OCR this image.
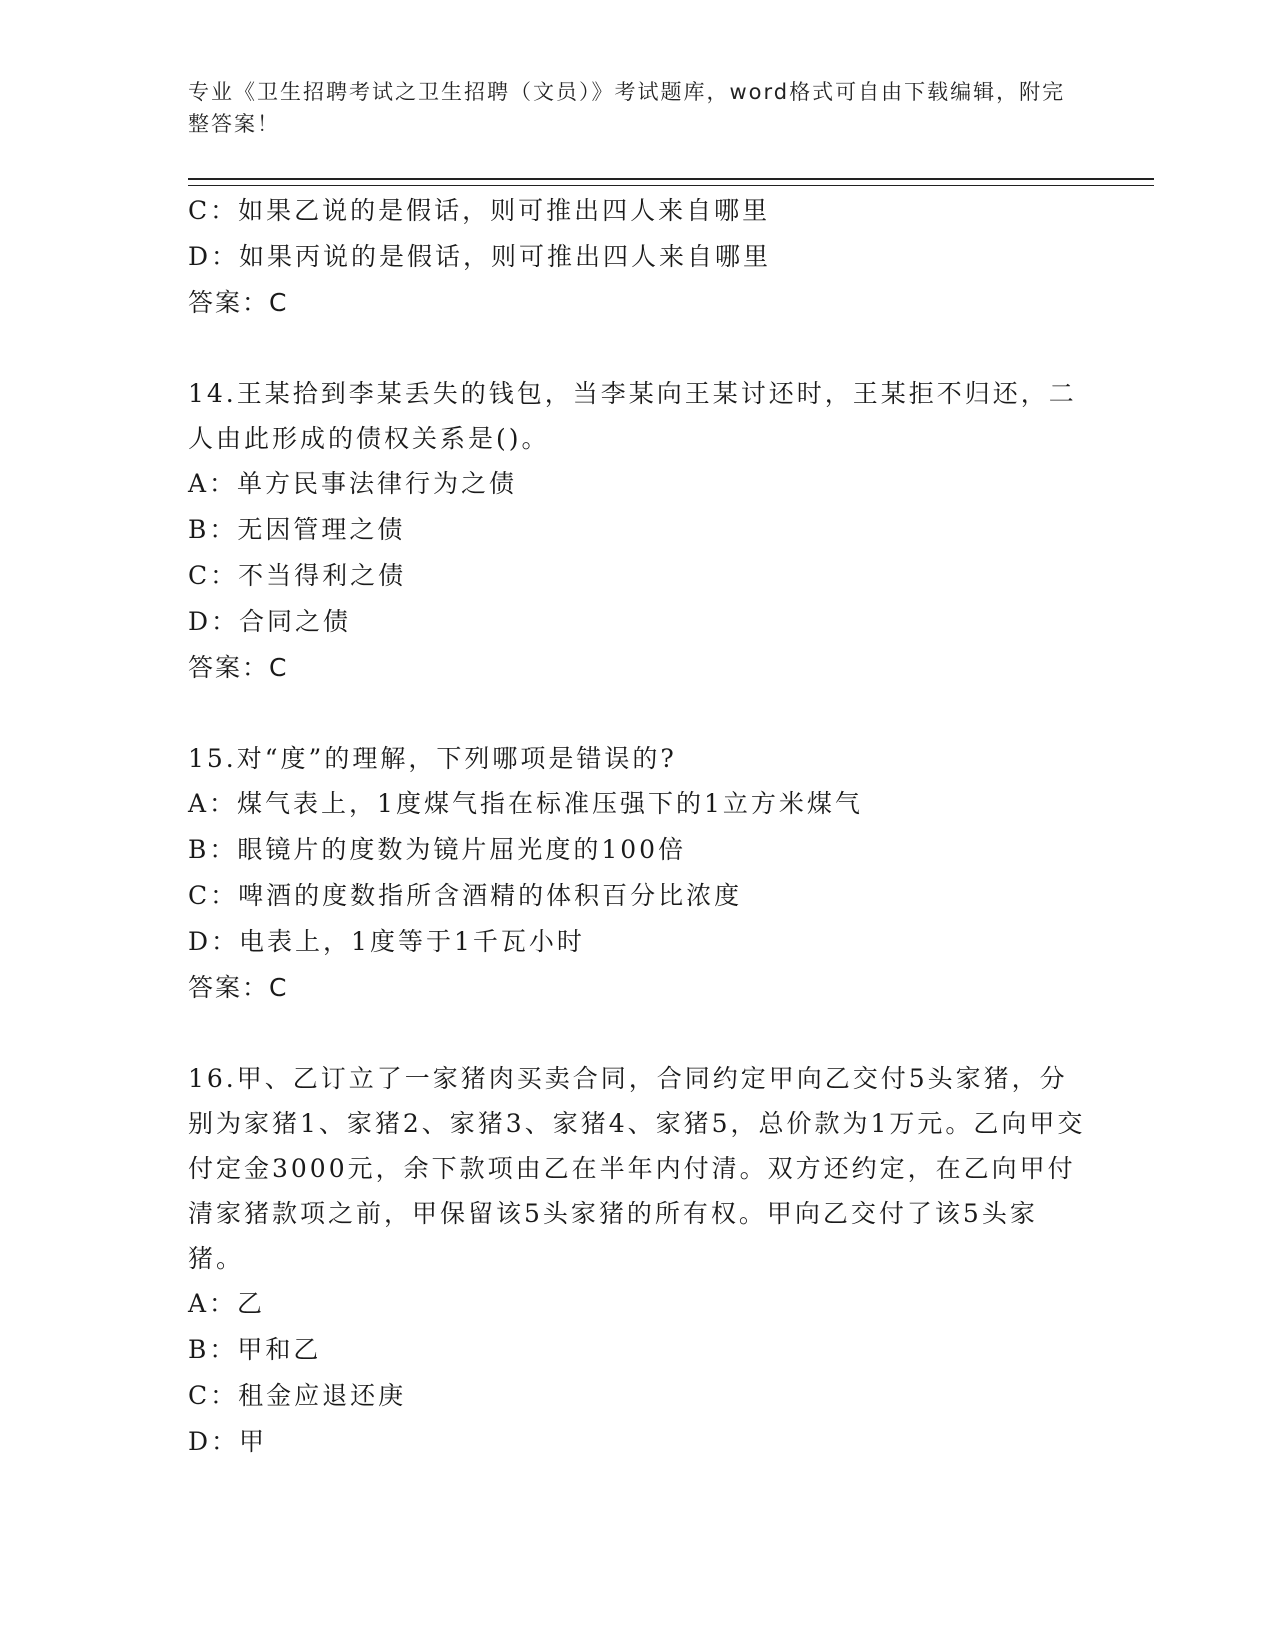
专业《卫生招聘考试之卫生招聘（文员）》考试题库，word格式可自由下载编辑，附完整答案！
C：如果乙说的是假话，则可推出四人来自哪里
D：如果丙说的是假话，则可推出四人来自哪里
答案：C
14.王某拾到李某丢失的钱包，当李某向王某讨还时，王某拒不归还，二人由此形成的债权关系是()。
A：单方民事法律行为之债
B：无因管理之债
C：不当得利之债
D：合同之债
答案：C
15.对“度”的理解，下列哪项是错误的?
A：煤气表上，1度煤气指在标准压强下的1立方米煤气
B：眼镜片的度数为镜片屈光度的100倍
C：啤酒的度数指所含酒精的体积百分比浓度
D：电表上，1度等于1千瓦小时
答案：C
16.甲、乙订立了一家猪肉买卖合同，合同约定甲向乙交付5头家猪，分别为家猪1、家猪2、家猪3、家猪4、家猪5，总价款为1万元。乙向甲交付定金3000元，余下款项由乙在半年内付清。双方还约定，在乙向甲付清家猪款项之前，甲保留该5头家猪的所有权。甲向乙交付了该5头家猪。
A：乙
B：甲和乙
C：租金应退还庚
D：甲
